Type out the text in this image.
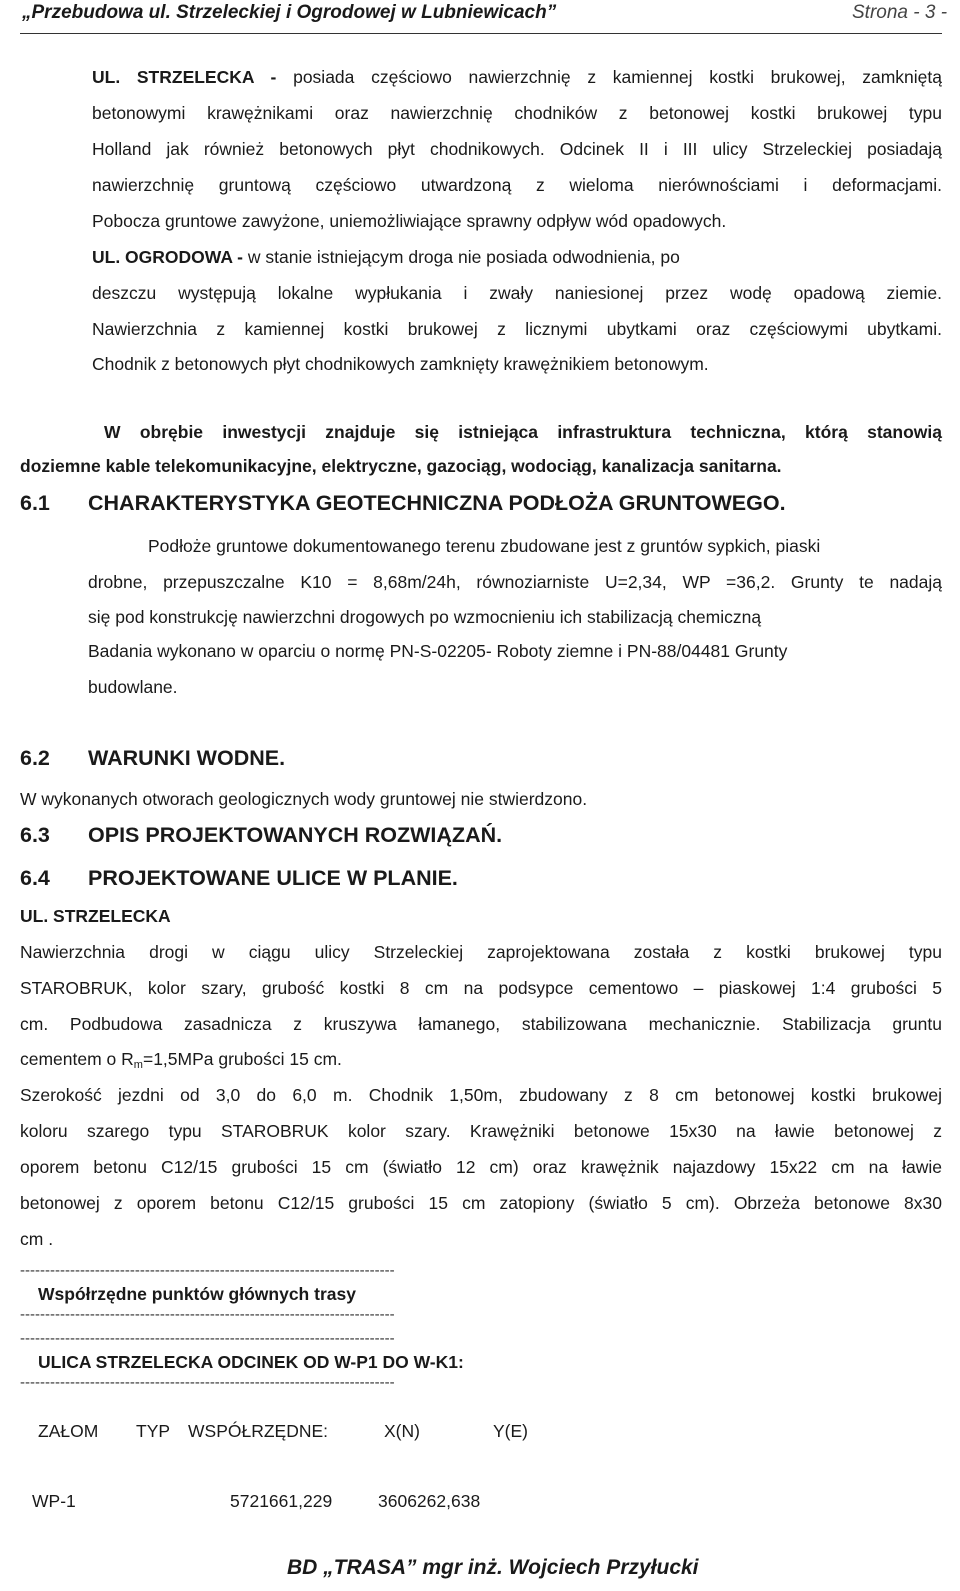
„Przebudowa ul. Strzeleckiej i Ogrodowej w Lubniewicach”	Strona - 3 -
UL. STRZELECKA - posiada częściowo nawierzchnię z kamiennej kostki brukowej, zamkniętą
betonowymi krawężnikami oraz nawierzchnię chodników z betonowej kostki brukowej typu
Holland jak również betonowych płyt chodnikowych. Odcinek II i III ulicy Strzeleckiej posiadają
nawierzchnię gruntową częściowo utwardzoną z wieloma nierównościami i deformacjami.
Pobocza gruntowe zawyżone, uniemożliwiające sprawny odpływ wód opadowych.
UL. OGRODOWA - w stanie istniejącym droga nie posiada odwodnienia, po
deszczu występują lokalne wypłukania i zwały naniesionej przez wodę opadową ziemie.
Nawierzchnia z kamiennej kostki brukowej z licznymi ubytkami oraz częściowymi ubytkami.
Chodnik z betonowych płyt chodnikowych zamknięty krawężnikiem betonowym.
W obrębie inwestycji znajduje się istniejąca infrastruktura techniczna, którą stanowią
doziemne kable telekomunikacyjne, elektryczne, gazociąg, wodociąg, kanalizacja sanitarna.
6.1 CHARAKTERYSTYKA GEOTECHNICZNA PODŁOŻA GRUNTOWEGO.
Podłoże gruntowe dokumentowanego terenu zbudowane jest z gruntów sypkich, piaski
drobne, przepuszczalne K10 = 8,68m/24h, równoziarniste U=2,34, WP =36,2. Grunty te nadają
się pod konstrukcję nawierzchni drogowych po wzmocnieniu ich stabilizacją chemiczną
Badania wykonano w oparciu o normę PN-S-02205- Roboty ziemne i PN-88/04481 Grunty
budowlane.
6.2 WARUNKI WODNE.
W wykonanych otworach geologicznych wody gruntowej nie stwierdzono.
6.3 OPIS PROJEKTOWANYCH ROZWIĄZAŃ.
6.4 PROJEKTOWANE ULICE W PLANIE.
UL. STRZELECKA
Nawierzchnia drogi w ciągu ulicy Strzeleckiej zaprojektowana została z kostki brukowej typu
STAROBRUK, kolor szary, grubość kostki 8 cm na podsypce cementowo – piaskowej 1:4 grubości 5
cm. Podbudowa zasadnicza z kruszywa łamanego, stabilizowana mechanicznie. Stabilizacja gruntu
cementem o $R_m=1,5MPa$ grubości 15 cm.
Szerokość jezdni od 3,0 do 6,0 m. Chodnik 1,50m, zbudowany z 8 cm betonowej kostki brukowej
koloru szarego typu STAROBRUK kolor szary. Krawężniki betonowe 15x30 na ławie betonowej z
oporem betonu C12/15 grubości 15 cm (światło 12 cm) oraz krawężnik najazdowy 15x22 cm na ławie
betonowej z oporem betonu C12/15 grubości 15 cm zatopiony (światło 5 cm). Obrzeża betonowe 8x30
cm .
---------------------------------------------------------------------------
Współrzędne punktów głównych trasy
---------------------------------------------------------------------------
---------------------------------------------------------------------------
ULICA STRZELECKA ODCINEK OD W-P1 DO W-K1:
---------------------------------------------------------------------------
ZAŁOM TYP WSPÓŁRZĘDNE:	X(N)	Y(E)
WP-1	5721661,229	3606262,638
BD „TRASA” mgr inż. Wojciech Przyłucki
